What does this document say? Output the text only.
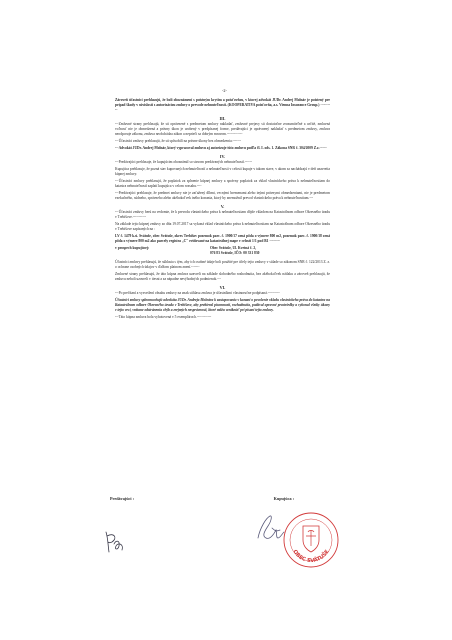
-2-

Zároveň účastníci prehlasujú, že boli oboznámení s poistným krytím a poisťovňou, v ktorej advokát JUDr. Andrej Molnár je poistený pre prípad škody v súvislosti s autorizáciou zmluvy o prevode nehnuteľností. (KOOPERATIVA poisťovňa, a.s. Vienna Insurance Group.) ----------

III.

---Zmluvné strany prehlasujú, že sú oprávnené s predmetom zmluvy nakladať, zmluvné prejavy sú dostatočne zrozumiteľné a určité, zmluvná voľnosť nie je obmedzená a právny úkon je urobený v predpísanej forme, predávajúci je oprávnený nakladať s predmetom zmluvy, zmluva neodporuje zákonu, zmluva neobchádza zákon a neprieči sa dobrým mravom.-------------

---Účastníci zmluvy prehlasujú, že sú spôsobilí na právne úkony bez obmedzenia.-------

---Advokát JUDr. Andrej Molnár, ktorý vypracoval zmluvu aj autorizuje túto zmluvu podľa čl. I. ods. 1. Zákona SNR č. 304/2009 Z.z.------

IV.

---Predávajúci prehlasuje, že kupujúcim oboznámil so stavom predávaných nehnuteľností.------

Kupujúca prehlasuje, že pozná stav kupovaných nehnuteľností a nehnuteľnosti v celosti kupuje v takom stave, v akom sa nachádzajú v deň uzavretia kúpnej zmluvy.

---Účastníci zmluvy prehlasujú, že poplatok za splnenie kúpnej zmluvy a správny poplatok za vklad vlastníckeho práva k nehnuteľnostiam do katastra nehnuteľností zaplatí kupujúca v celom rozsahu.----

---Predávajúci prehlasuje, že predmet zmluvy nie je zaťažený dlhmi, vecnými bremenami alebo inými právnymi obmedzeniami, nie je predmetom exekučného, súdneho, správneho alebo akéhokoľvek iného konania, ktorý by znemožnil prevod vlastníckeho práva k nehnuteľnostiam.---

V.

---Účastníci zmluvy berú na vedomie, že k prevodu vlastníckeho práva k nehnuteľnostiam dôjde vkladom na Katastrálnom odbore Okresného úradu v Trebišove.-----------

Na základe tejto kúpnej zmluvy zo dňa 19.07.2017 sa vykoná vklad vlastníckeho práva k nehnuteľnostiam na Katastrálnom odbore Okresného úradu v Trebišove zapísaných na :

LV č. 1479 k.ú. Svätuše, obec Svätuše, okres Trebišov pozemok parc. č. 1900/17 orná pôda o výmere 800 m2, pozemok parc. č. 1900/18 orná pôda o výmere 800 m2 ako parcely registra „C" evidované na katastrálnej mape v celosti 1/1 pod B1 ---------

v prospech kupujúcej:	Obec Svätuše, Ul. Kvetná č. 2,
076 83 Svätuše, IČO: 00 331 830

Účastníci zmluvy prehlasujú, že súhlasia s tým, aby ich osobné údaje boli použité pre účely tejto zmluvy v súlade so zákonom SNR č. 122/2013 Z. z. o ochrane osobných údajov v ďalšom platnom znení.-------

Zmluvné strany prehlasujú, že táto kúpna zmluva uzavreli na základe slobodného rozhodnutia, bez akéhokoľvek nátlaku a zároveň prehlasujú, že zmluvu neboli uzavreli v tiesni a za nápadne nevýhodných podmienok.---

VI.

---Po prečítaní a vysvetlení obsahu zmluvy na znak súhlasu zmluva je účastníkmi vlastnoručne podpísaná.----------

Účastníci zmluvy splnomocňujú advokáta JUDr. Andreja Molnára k zastupovaniu v konaní o povolenie vkladu vlastníckeho práva do katastra na Katastrálnom odbore Okresného úradu v Trebišove, aby prebieral písomnosti, rozhodnutia, podával opravné prostriedky a vykonal všetky úkony v tejto veci, vrátane odstránenia chýb a zrejmých nesprávností, ktoré môžu vzniknúť pri písaní tejto zmluvy.

---Táto kúpna zmluva bola vyhotovená v 5 exemplároch.------------

Predávajúci :	Kupujúca :
OBEC SVÄTUŠE
